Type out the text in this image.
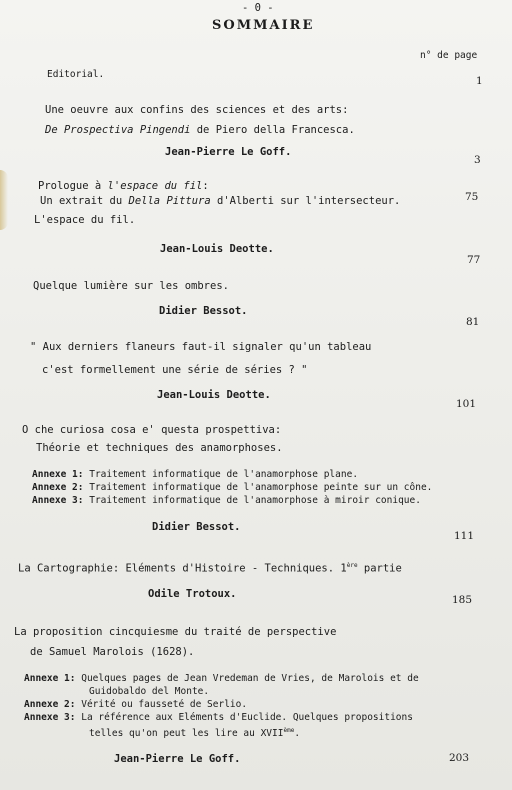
- 0 -
SOMMAIRE
n° de page
Editorial.
1
Une oeuvre aux confins des sciences et des arts:
De Prospectiva Pingendi de Piero della Francesca.
Jean-Pierre Le Goff.
3
Prologue à l'espace du fil:
75
Un extrait du Della Pittura d'Alberti sur l'intersecteur.
L'espace du fil.
Jean-Louis Deotte.
77
Quelque lumière sur les ombres.
Didier Bessot.
81
" Aux derniers flaneurs faut-il signaler qu'un tableau
c'est formellement une série de séries ? "
Jean-Louis Deotte.
101
O che curiosa cosa e' questa prospettiva:
Théorie et techniques des anamorphoses.
Annexe 1: Traitement informatique de l'anamorphose plane.
Annexe 2: Traitement informatique de l'anamorphose peinte sur un cône.
Annexe 3: Traitement informatique de l'anamorphose à miroir conique.
Didier Bessot.
111
La Cartographie: Eléments d'Histoire - Techniques. 1ère partie
Odile Trotoux.	185
La proposition cincquiesme du traité de perspective
de Samuel Marolois (1628).
Annexe 1: Quelques pages de Jean Vredeman de Vries, de Marolois et de
Guidobaldo del Monte.
Annexe 2: Vérité ou fausseté de Serlio.
Annexe 3: La référence aux Eléments d'Euclide. Quelques propositions
telles qu'on peut les lire au XVIIème.
Jean-Pierre Le Goff.	203
